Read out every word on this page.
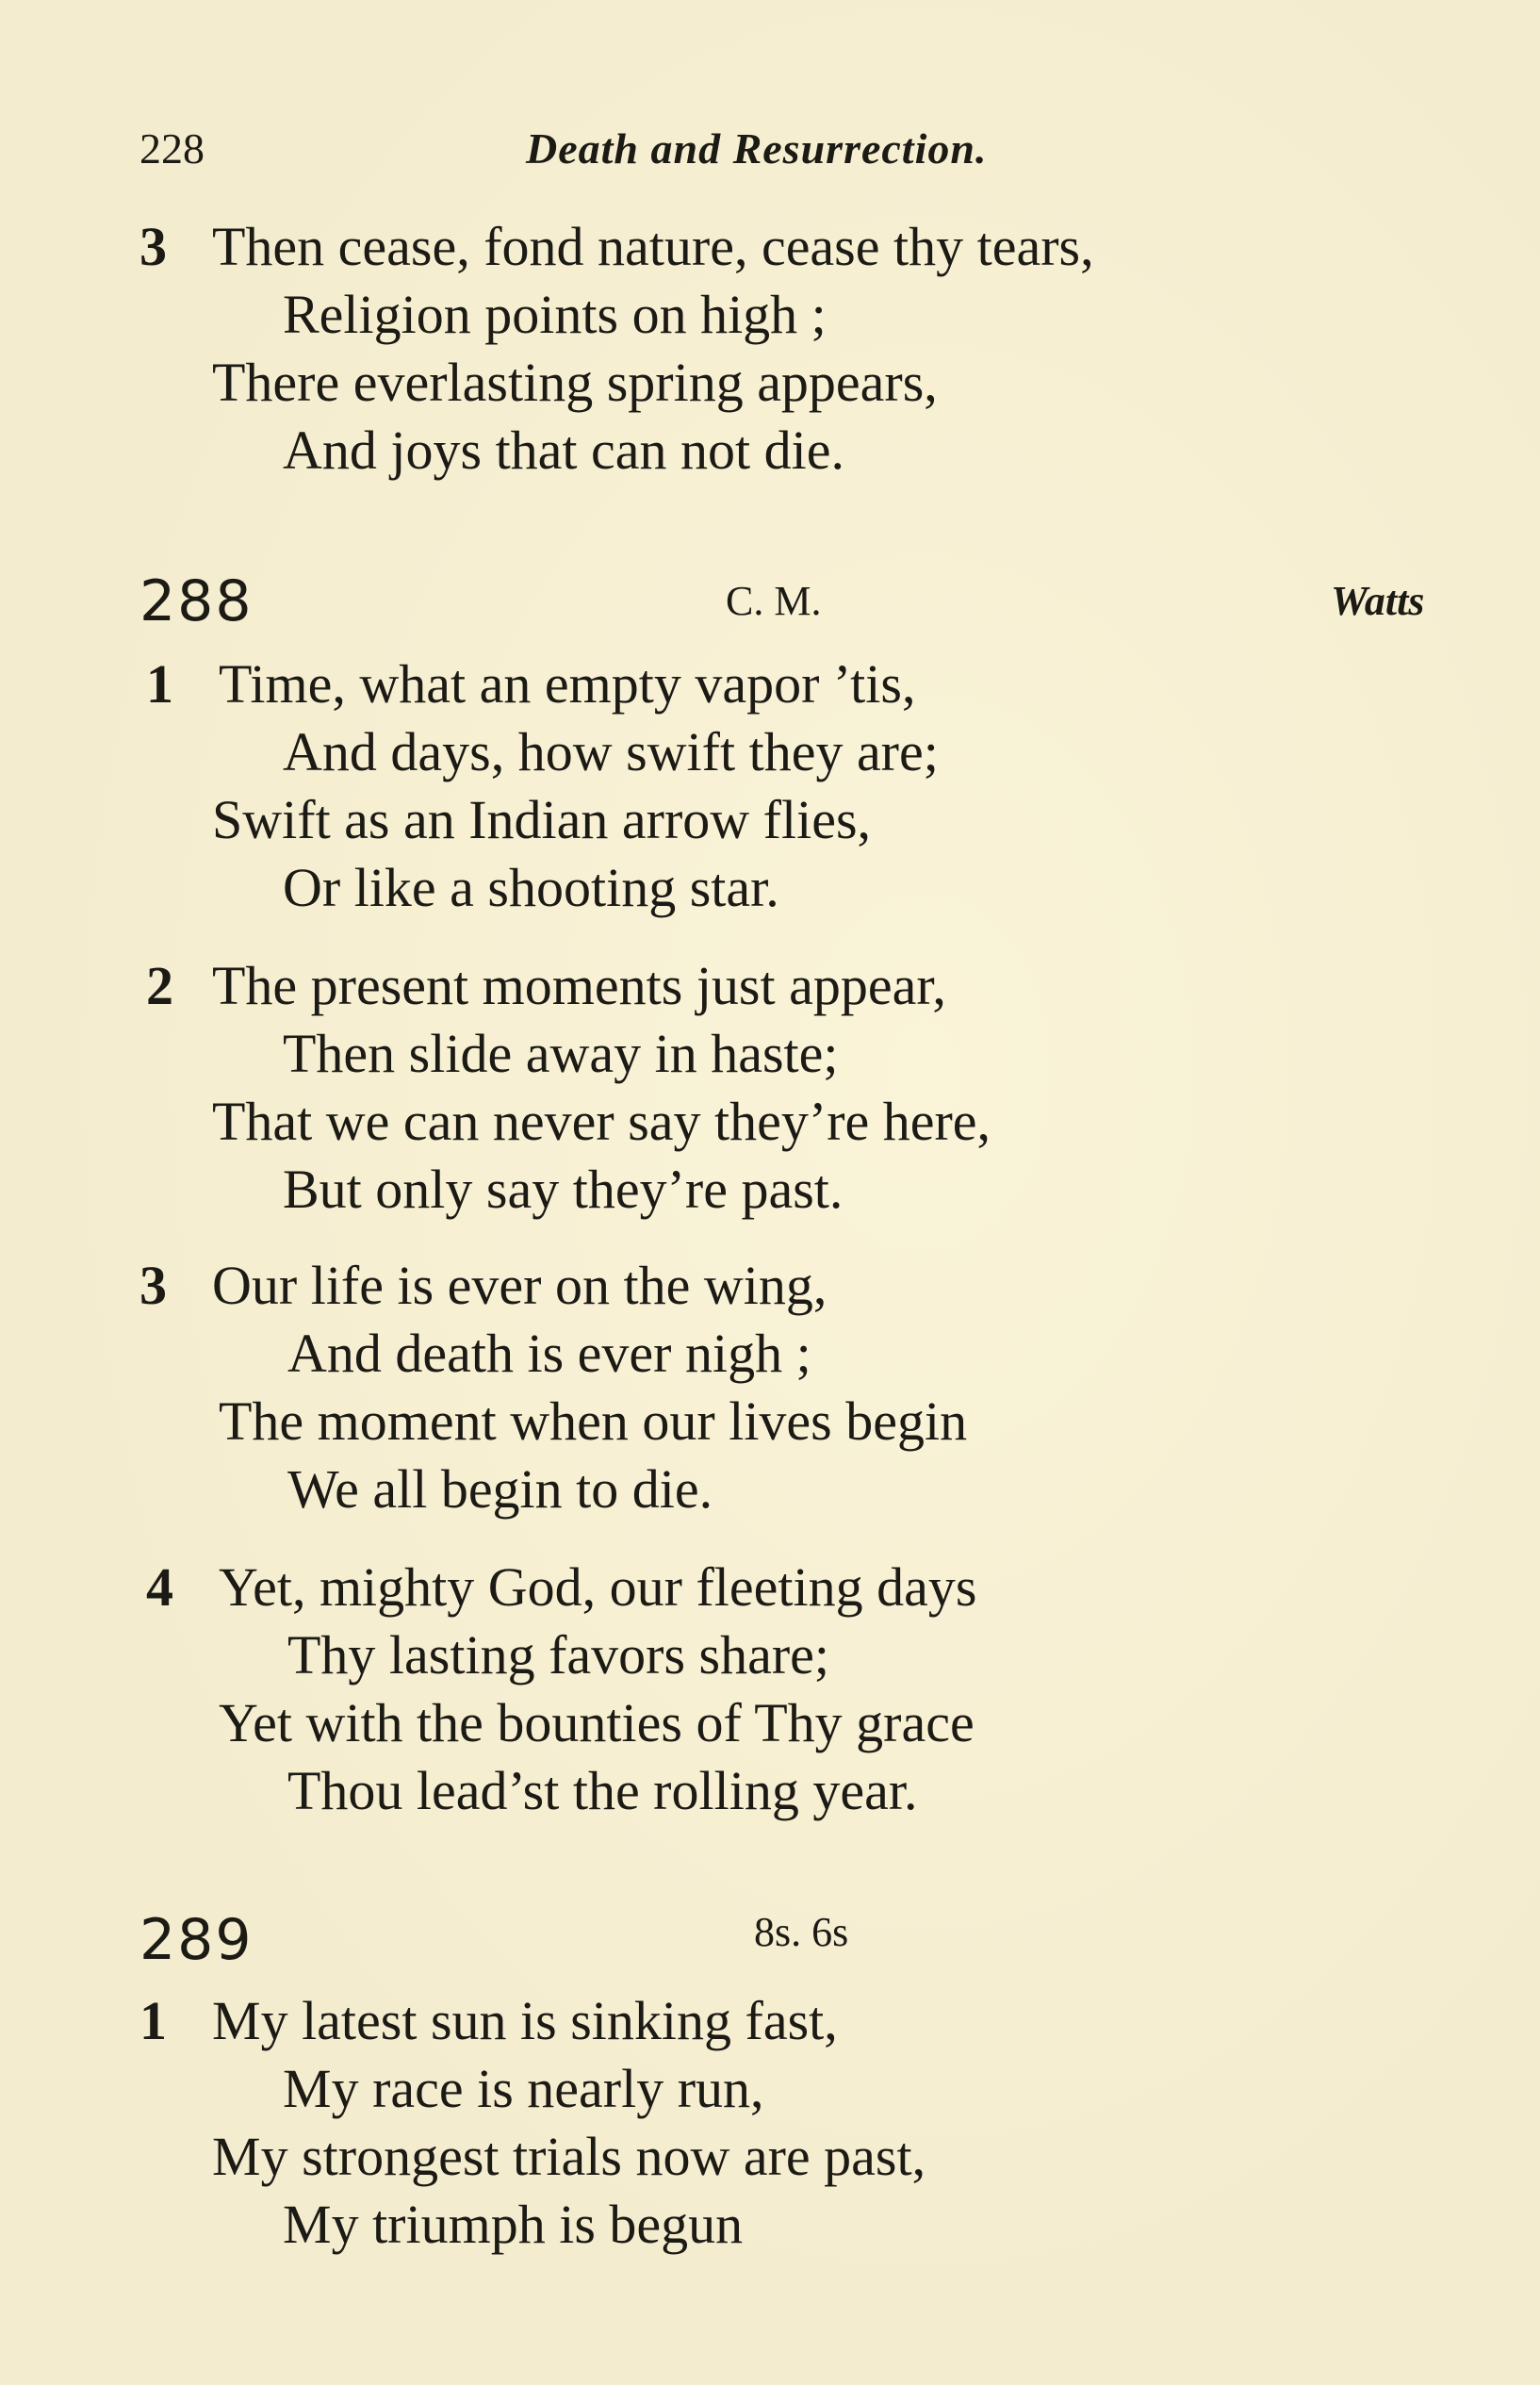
228	Death and Resurrection.
3 Then cease, fond nature, cease thy tears,
Religion points on high ;
There everlasting spring appears,
And joys that can not die.
288	C. M.	Watts
1 Time, what an empty vapor ’tis,
And days, how swift they are;
Swift as an Indian arrow flies,
Or like a shooting star.
2 The present moments just appear,
Then slide away in haste;
That we can never say they’re here,
But only say they’re past.
3 Our life is ever on the wing,
And death is ever nigh ;
The moment when our lives begin
We all begin to die.
4 Yet, mighty God, our fleeting days
Thy lasting favors share;
Yet with the bounties of Thy grace
Thou lead’st the rolling year.
289	8s. 6s
1 My latest sun is sinking fast,
My race is nearly run,
My strongest trials now are past,
My triumph is begun
